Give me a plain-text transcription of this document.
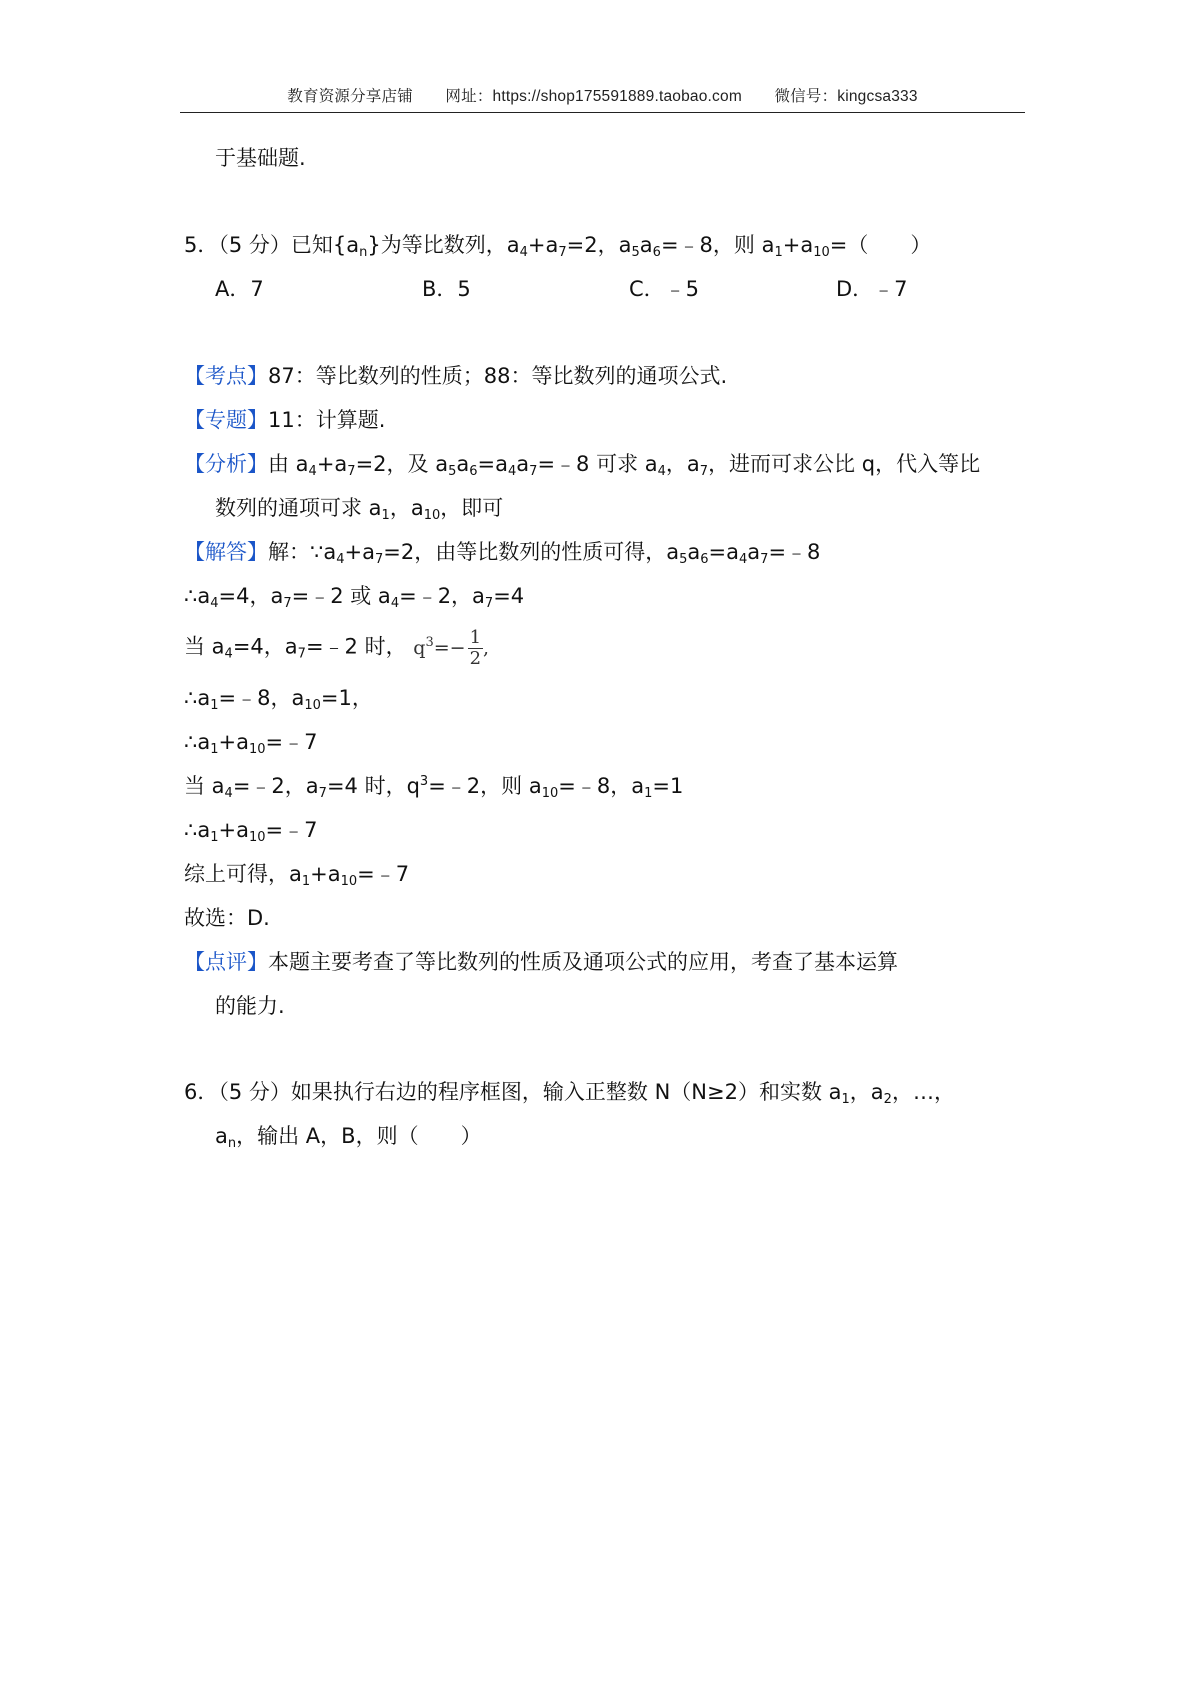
教育资源分享店铺 网址：https://shop175591889.taobao.com 微信号：kingcsa333
于基础题.
5．（5 分）已知$\{a_n\}$为等比数列，$a_4+a_7=2$，$a_5a_6=﹣8$，则 $a_1+a_{10}=$（　　）
A．7	B．5	C．﹣5	D．﹣7
【考点】87：等比数列的性质；88：等比数列的通项公式.
【专题】11：计算题.
【分析】由 $a_4+a_7=2$，及 $a_5a_6=a_4a_7=﹣8$ 可求 $a_4$，$a_7$，进而可求公比 q，代入等比
数列的通项可求 $a_1$，$a_{10}$，即可
【解答】解：$\because a_4+a_7=2$，由等比数列的性质可得，$a_5a_6=a_4a_7=﹣8$
$\therefore a_4=4$，$a_7=﹣2$ 或 $a_4=﹣2$，$a_7=4$
当 $a_4=4$，$a_7=﹣2$ 时， $q^3=- \frac{1}{2}$ ,
$\therefore a_1=﹣8$，$a_{10}=1$，
$\therefore a_1+a_{10}=﹣7$
当 $a_4=﹣2$，$a_7=4$ 时，$q^3=﹣2$，则 $a_{10}=﹣8$，$a_1=1$
$\therefore a_1+a_{10}=﹣7$
综上可得，$a_1+a_{10}=﹣7$
故选：D.
【点评】本题主要考查了等比数列的性质及通项公式的应用，考查了基本运算
的能力.
6．（5 分）如果执行右边的程序框图，输入正整数 N（N≥2）和实数 $a_1$，$a_2$，…，
$a_n$，输出 A，B，则（　　）
